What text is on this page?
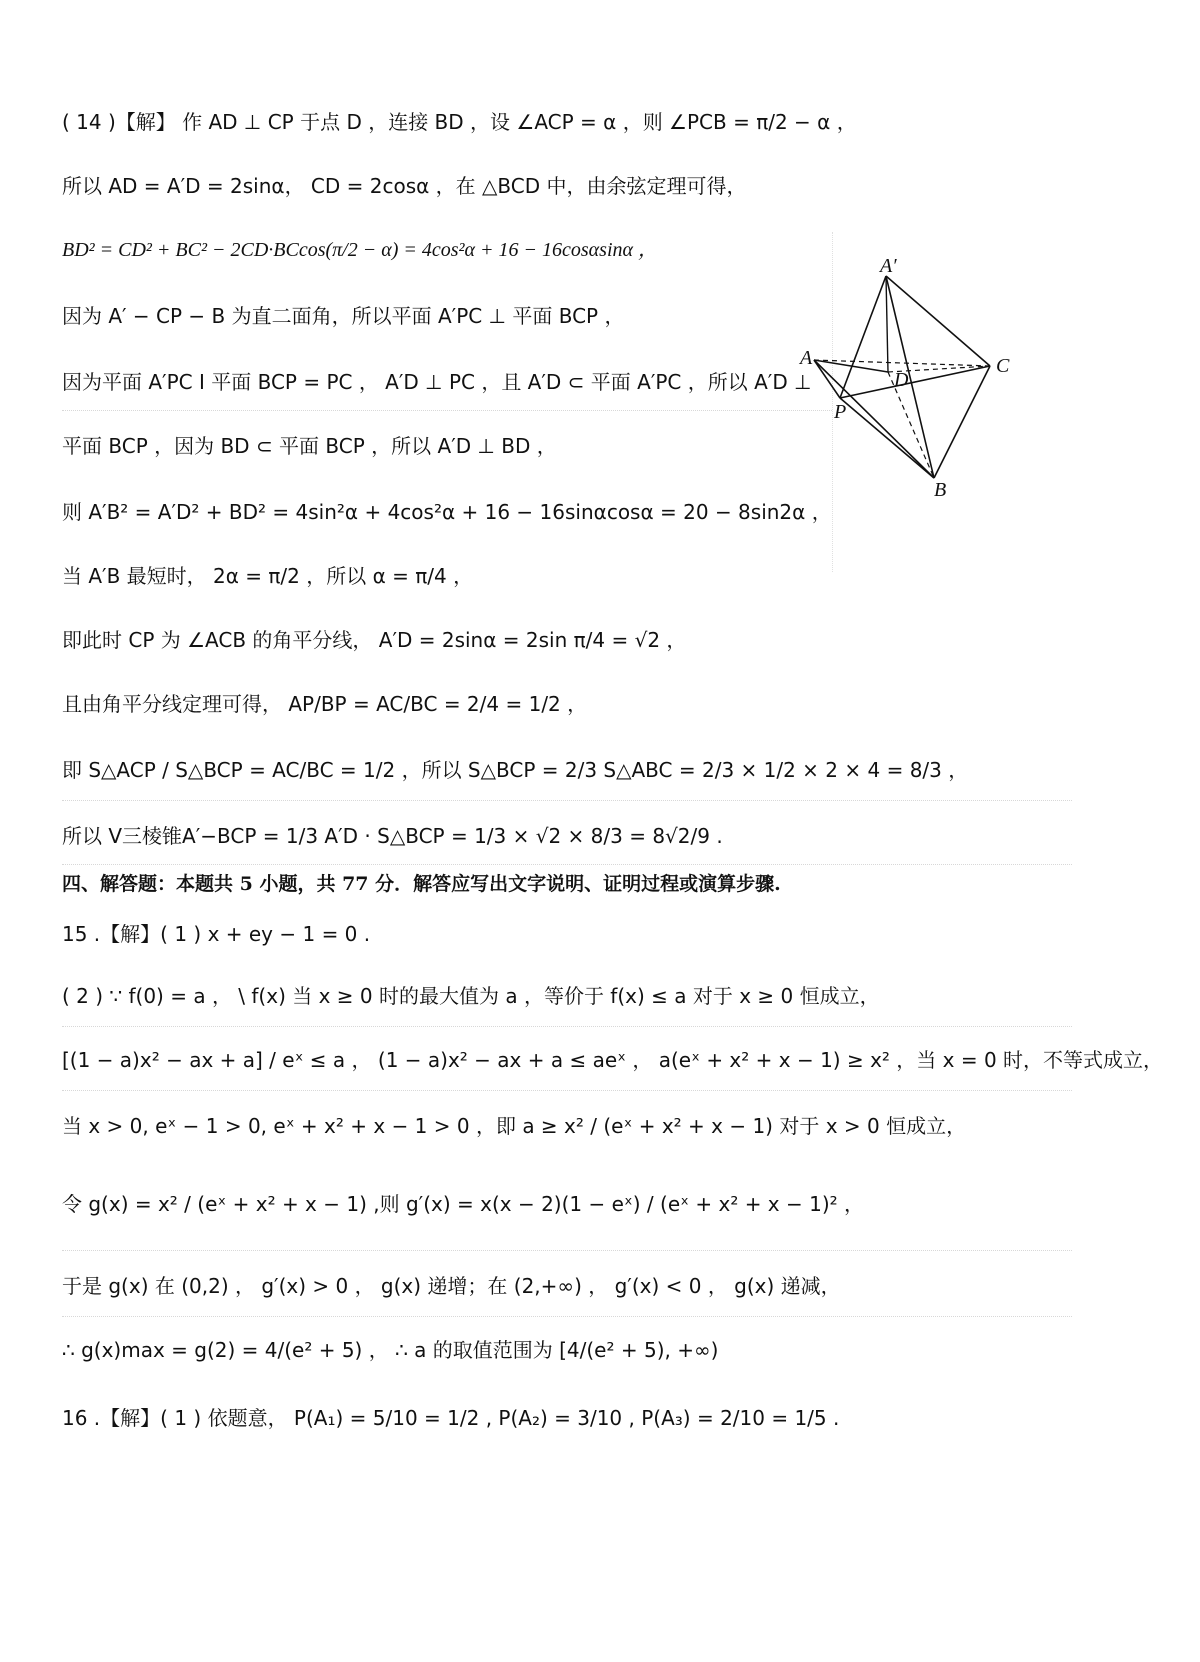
( 14 )【解】 作 AD ⊥ CP 于点 D ，连接 BD ，设 ∠ACP = α ，则 ∠PCB = π/2 − α ，
所以 AD = A′D = 2sinα， CD = 2cosα ，在 △BCD 中，由余弦定理可得，
BD² = CD² + BC² − 2CD·BCcos(π/2 − α) = 4cos²α + 16 − 16cosαsinα ，
因为 A′ − CP − B 为直二面角，所以平面 A′PC ⊥ 平面 BCP ，
因为平面 A′PC I 平面 BCP = PC ， A′D ⊥ PC ，且 A′D ⊂ 平面 A′PC ，所以 A′D ⊥
平面 BCP ，因为 BD ⊂ 平面 BCP ，所以 A′D ⊥ BD ，
则 A′B² = A′D² + BD² = 4sin²α + 4cos²α + 16 − 16sinαcosα = 20 − 8sin2α ，
当 A′B 最短时， 2α = π/2 ，所以 α = π/4 ，
即此时 CP 为 ∠ACB 的角平分线， A′D = 2sinα = 2sin π/4 = √2 ，
且由角平分线定理可得， AP/BP = AC/BC = 2/4 = 1/2 ，
即 S△ACP / S△BCP = AC/BC = 1/2 ，所以 S△BCP = 2/3 S△ABC = 2/3 × 1/2 × 2 × 4 = 8/3 ，
所以 V三棱锥A′−BCP = 1/3 A′D · S△BCP = 1/3 × √2 × 8/3 = 8√2/9 .
四、解答题：本题共 5 小题，共 77 分．解答应写出文字说明、证明过程或演算步骤.
15 .【解】( 1 ) x + ey − 1 = 0 .
( 2 ) ∵ f(0) = a ， \ f(x) 当 x ≥ 0 时的最大值为 a ，等价于 f(x) ≤ a 对于 x ≥ 0 恒成立，
[(1 − a)x² − ax + a] / eˣ ≤ a ， (1 − a)x² − ax + a ≤ aeˣ ， a(eˣ + x² + x − 1) ≥ x² ，当 x = 0 时，不等式成立，
当 x > 0, eˣ − 1 > 0, eˣ + x² + x − 1 > 0 ，即 a ≥ x² / (eˣ + x² + x − 1) 对于 x > 0 恒成立，
令 g(x) = x² / (eˣ + x² + x − 1) ,则 g′(x) = x(x − 2)(1 − eˣ) / (eˣ + x² + x − 1)² ，
于是 g(x) 在 (0,2) ， g′(x) > 0 ， g(x) 递增；在 (2,+∞) ， g′(x) < 0 ， g(x) 递减，
∴ g(x)max = g(2) = 4/(e² + 5) ， ∴ a 的取值范围为 [4/(e² + 5), +∞)
16 .【解】( 1 ) 依题意， P(A₁) = 5/10 = 1/2 , P(A₂) = 3/10 , P(A₃) = 2/10 = 1/5 .
A′
A
D
C
P
B
